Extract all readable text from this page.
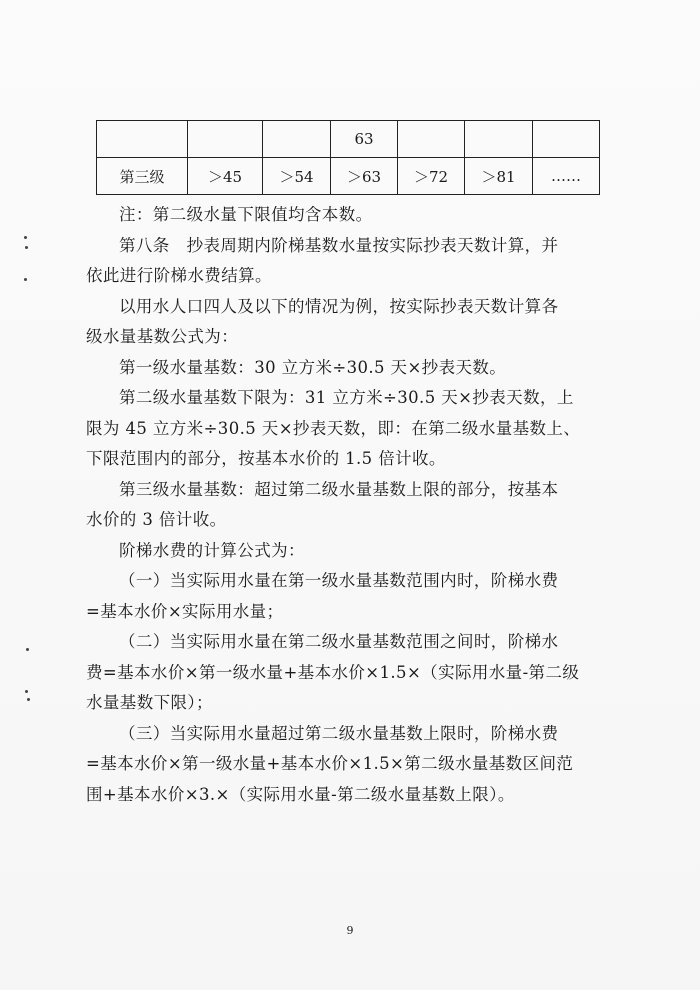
			63			
第三级	＞45	＞54	＞63	＞72	＞81	……

注：第二级水量下限值均含本数。

第八条　抄表周期内阶梯基数水量按实际抄表天数计算，并

依此进行阶梯水费结算。

以用水人口四人及以下的情况为例，按实际抄表天数计算各

级水量基数公式为：

第一级水量基数：30 立方米÷30.5 天×抄表天数。

第二级水量基数下限为：31 立方米÷30.5 天×抄表天数，上

限为 45 立方米÷30.5 天×抄表天数，即：在第二级水量基数上、

下限范围内的部分，按基本水价的 1.5 倍计收。

第三级水量基数：超过第二级水量基数上限的部分，按基本

水价的 3 倍计收。

阶梯水费的计算公式为：

（一）当实际用水量在第一级水量基数范围内时，阶梯水费

=基本水价×实际用水量；

（二）当实际用水量在第二级水量基数范围之间时，阶梯水

费=基本水价×第一级水量+基本水价×1.5×（实际用水量-第二级

水量基数下限）；

（三）当实际用水量超过第二级水量基数上限时，阶梯水费

=基本水价×第一级水量+基本水价×1.5×第二级水量基数区间范

围+基本水价×3.×（实际用水量-第二级水量基数上限）。

9
